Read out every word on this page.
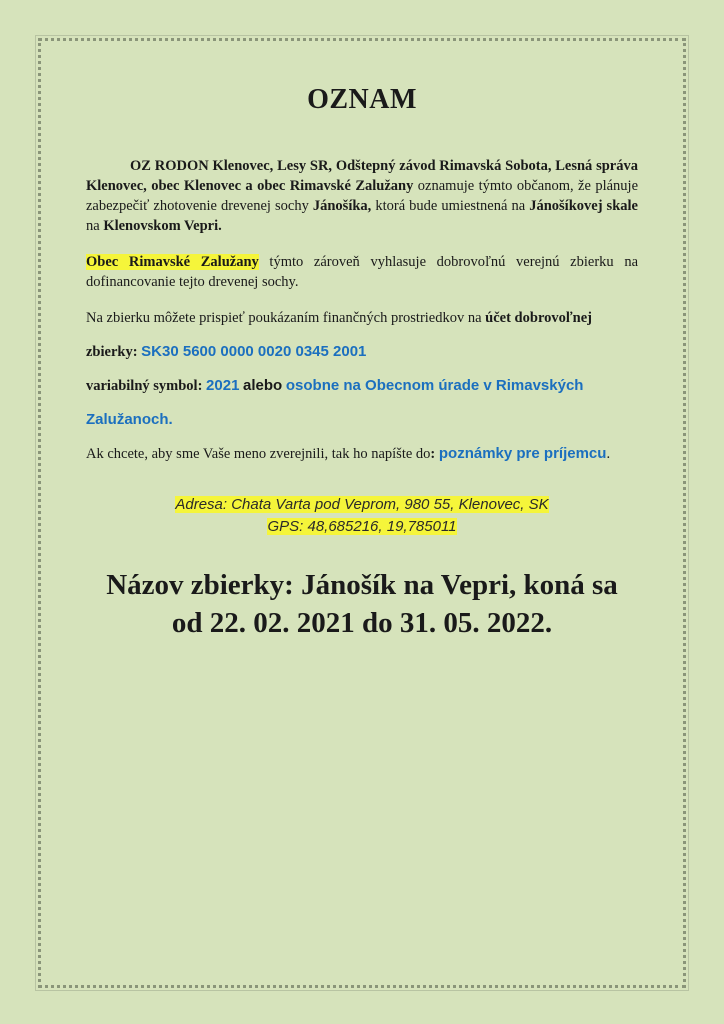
OZNAM

OZ RODON Klenovec, Lesy SR, Odštepný závod Rimavská Sobota, Lesná správa Klenovec, obec Klenovec a obec Rimavské Zalužany oznamuje týmto občanom, že plánuje zabezpečiť zhotovenie drevenej sochy Jánošíka, ktorá bude umiestnená na Jánošíkovej skale na Klenovskom Vepri.

Obec Rimavské Zalužany týmto zároveň vyhlasuje dobrovoľnú verejnú zbierku na dofinancovanie tejto drevenej sochy.

Na zbierku môžete prispieť poukázaním finančných prostriedkov na účet dobrovoľnej

zbierky: SK30 5600 0000 0020 0345 2001

variabilný symbol: 2021 alebo osobne na Obecnom úrade v Rimavských

Zalužanoch.

Ak chcete, aby sme Vaše meno zverejnili, tak ho napíšte do: poznámky pre príjemcu.

Adresa: Chata Varta pod Veprom, 980 55, Klenovec, SK
GPS: 48,685216, 19,785011
Názov zbierky: Jánošík na Vepri, koná sa
od 22. 02. 2021 do 31. 05. 2022.
